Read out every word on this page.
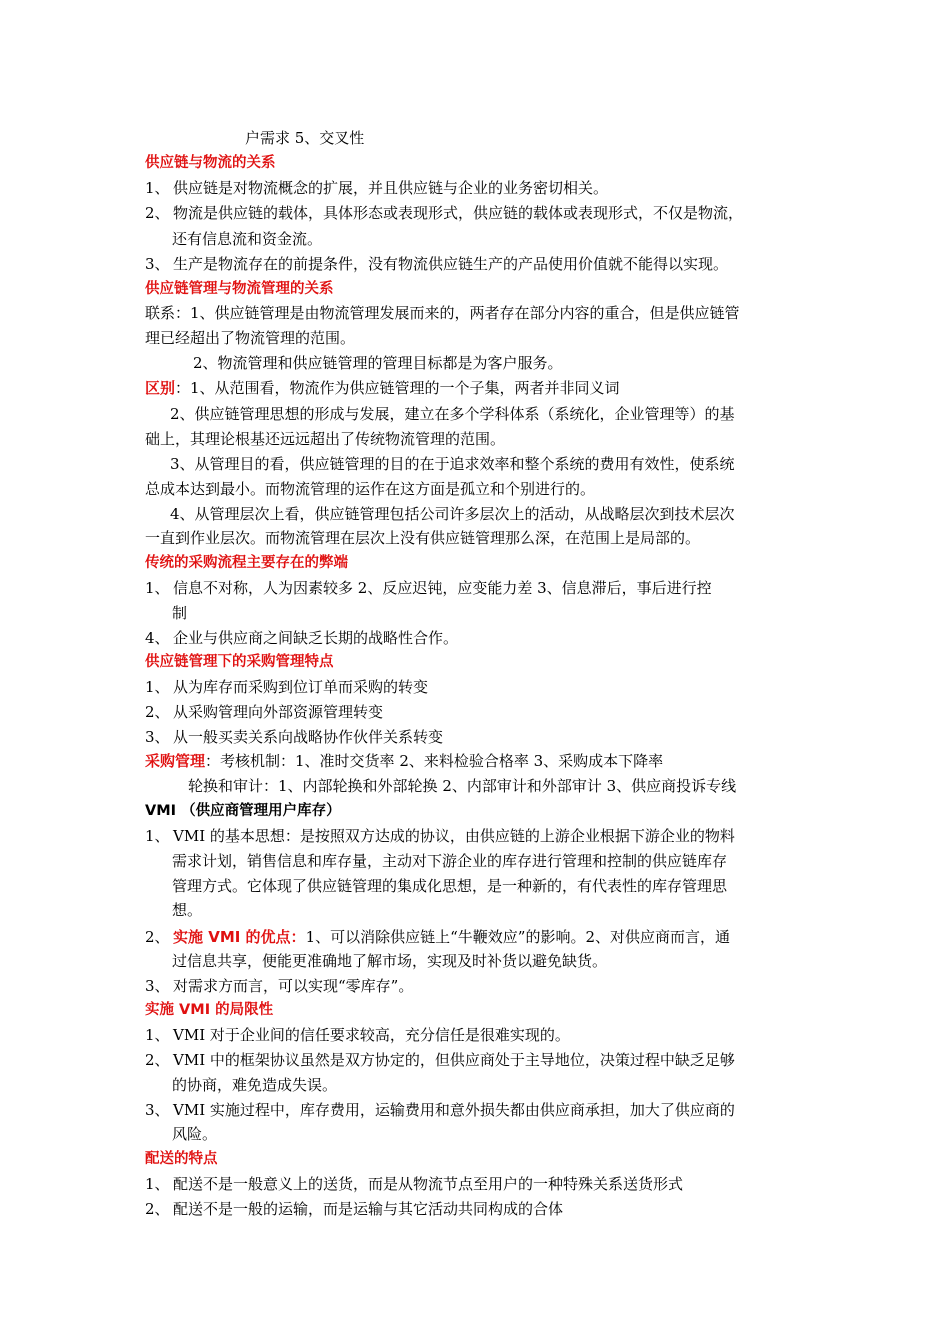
户需求 5、交叉性
供应链与物流的关系
1、 供应链是对物流概念的扩展，并且供应链与企业的业务密切相关。
2、 物流是供应链的载体，具体形态或表现形式，供应链的载体或表现形式，不仅是物流，
还有信息流和资金流。
3、 生产是物流存在的前提条件，没有物流供应链生产的产品使用价值就不能得以实现。
供应链管理与物流管理的关系
联系：1、供应链管理是由物流管理发展而来的，两者存在部分内容的重合，但是供应链管
理已经超出了物流管理的范围。
2、物流管理和供应链管理的管理目标都是为客户服务。
区别：1、从范围看，物流作为供应链管理的一个子集，两者并非同义词
2、供应链管理思想的形成与发展，建立在多个学科体系（系统化，企业管理等）的基
础上，其理论根基还远远超出了传统物流管理的范围。
3、从管理目的看，供应链管理的目的在于追求效率和整个系统的费用有效性，使系统
总成本达到最小。而物流管理的运作在这方面是孤立和个别进行的。
4、从管理层次上看，供应链管理包括公司许多层次上的活动，从战略层次到技术层次
一直到作业层次。而物流管理在层次上没有供应链管理那么深，在范围上是局部的。
传统的采购流程主要存在的弊端
1、 信息不对称，人为因素较多 2、反应迟钝，应变能力差 3、信息滞后，事后进行控
制
4、 企业与供应商之间缺乏长期的战略性合作。
供应链管理下的采购管理特点
1、 从为库存而采购到位订单而采购的转变
2、 从采购管理向外部资源管理转变
3、 从一般买卖关系向战略协作伙伴关系转变
采购管理：考核机制：1、准时交货率 2、来料检验合格率 3、采购成本下降率
轮换和审计：1、内部轮换和外部轮换 2、内部审计和外部审计 3、供应商投诉专线
VMI （供应商管理用户库存）
1、 VMI 的基本思想：是按照双方达成的协议，由供应链的上游企业根据下游企业的物料
需求计划，销售信息和库存量，主动对下游企业的库存进行管理和控制的供应链库存
管理方式。它体现了供应链管理的集成化思想，是一种新的，有代表性的库存管理思
想。
2、 实施 VMI 的优点：1、可以消除供应链上“牛鞭效应”的影响。2、对供应商而言，通
过信息共享，便能更准确地了解市场，实现及时补货以避免缺货。
3、 对需求方而言，可以实现“零库存”。
实施 VMI 的局限性
1、 VMI 对于企业间的信任要求较高，充分信任是很难实现的。
2、 VMI 中的框架协议虽然是双方协定的，但供应商处于主导地位，决策过程中缺乏足够
的协商，难免造成失误。
3、 VMI 实施过程中，库存费用，运输费用和意外损失都由供应商承担，加大了供应商的
风险。
配送的特点
1、 配送不是一般意义上的送货，而是从物流节点至用户的一种特殊关系送货形式
2、 配送不是一般的运输，而是运输与其它活动共同构成的合体
